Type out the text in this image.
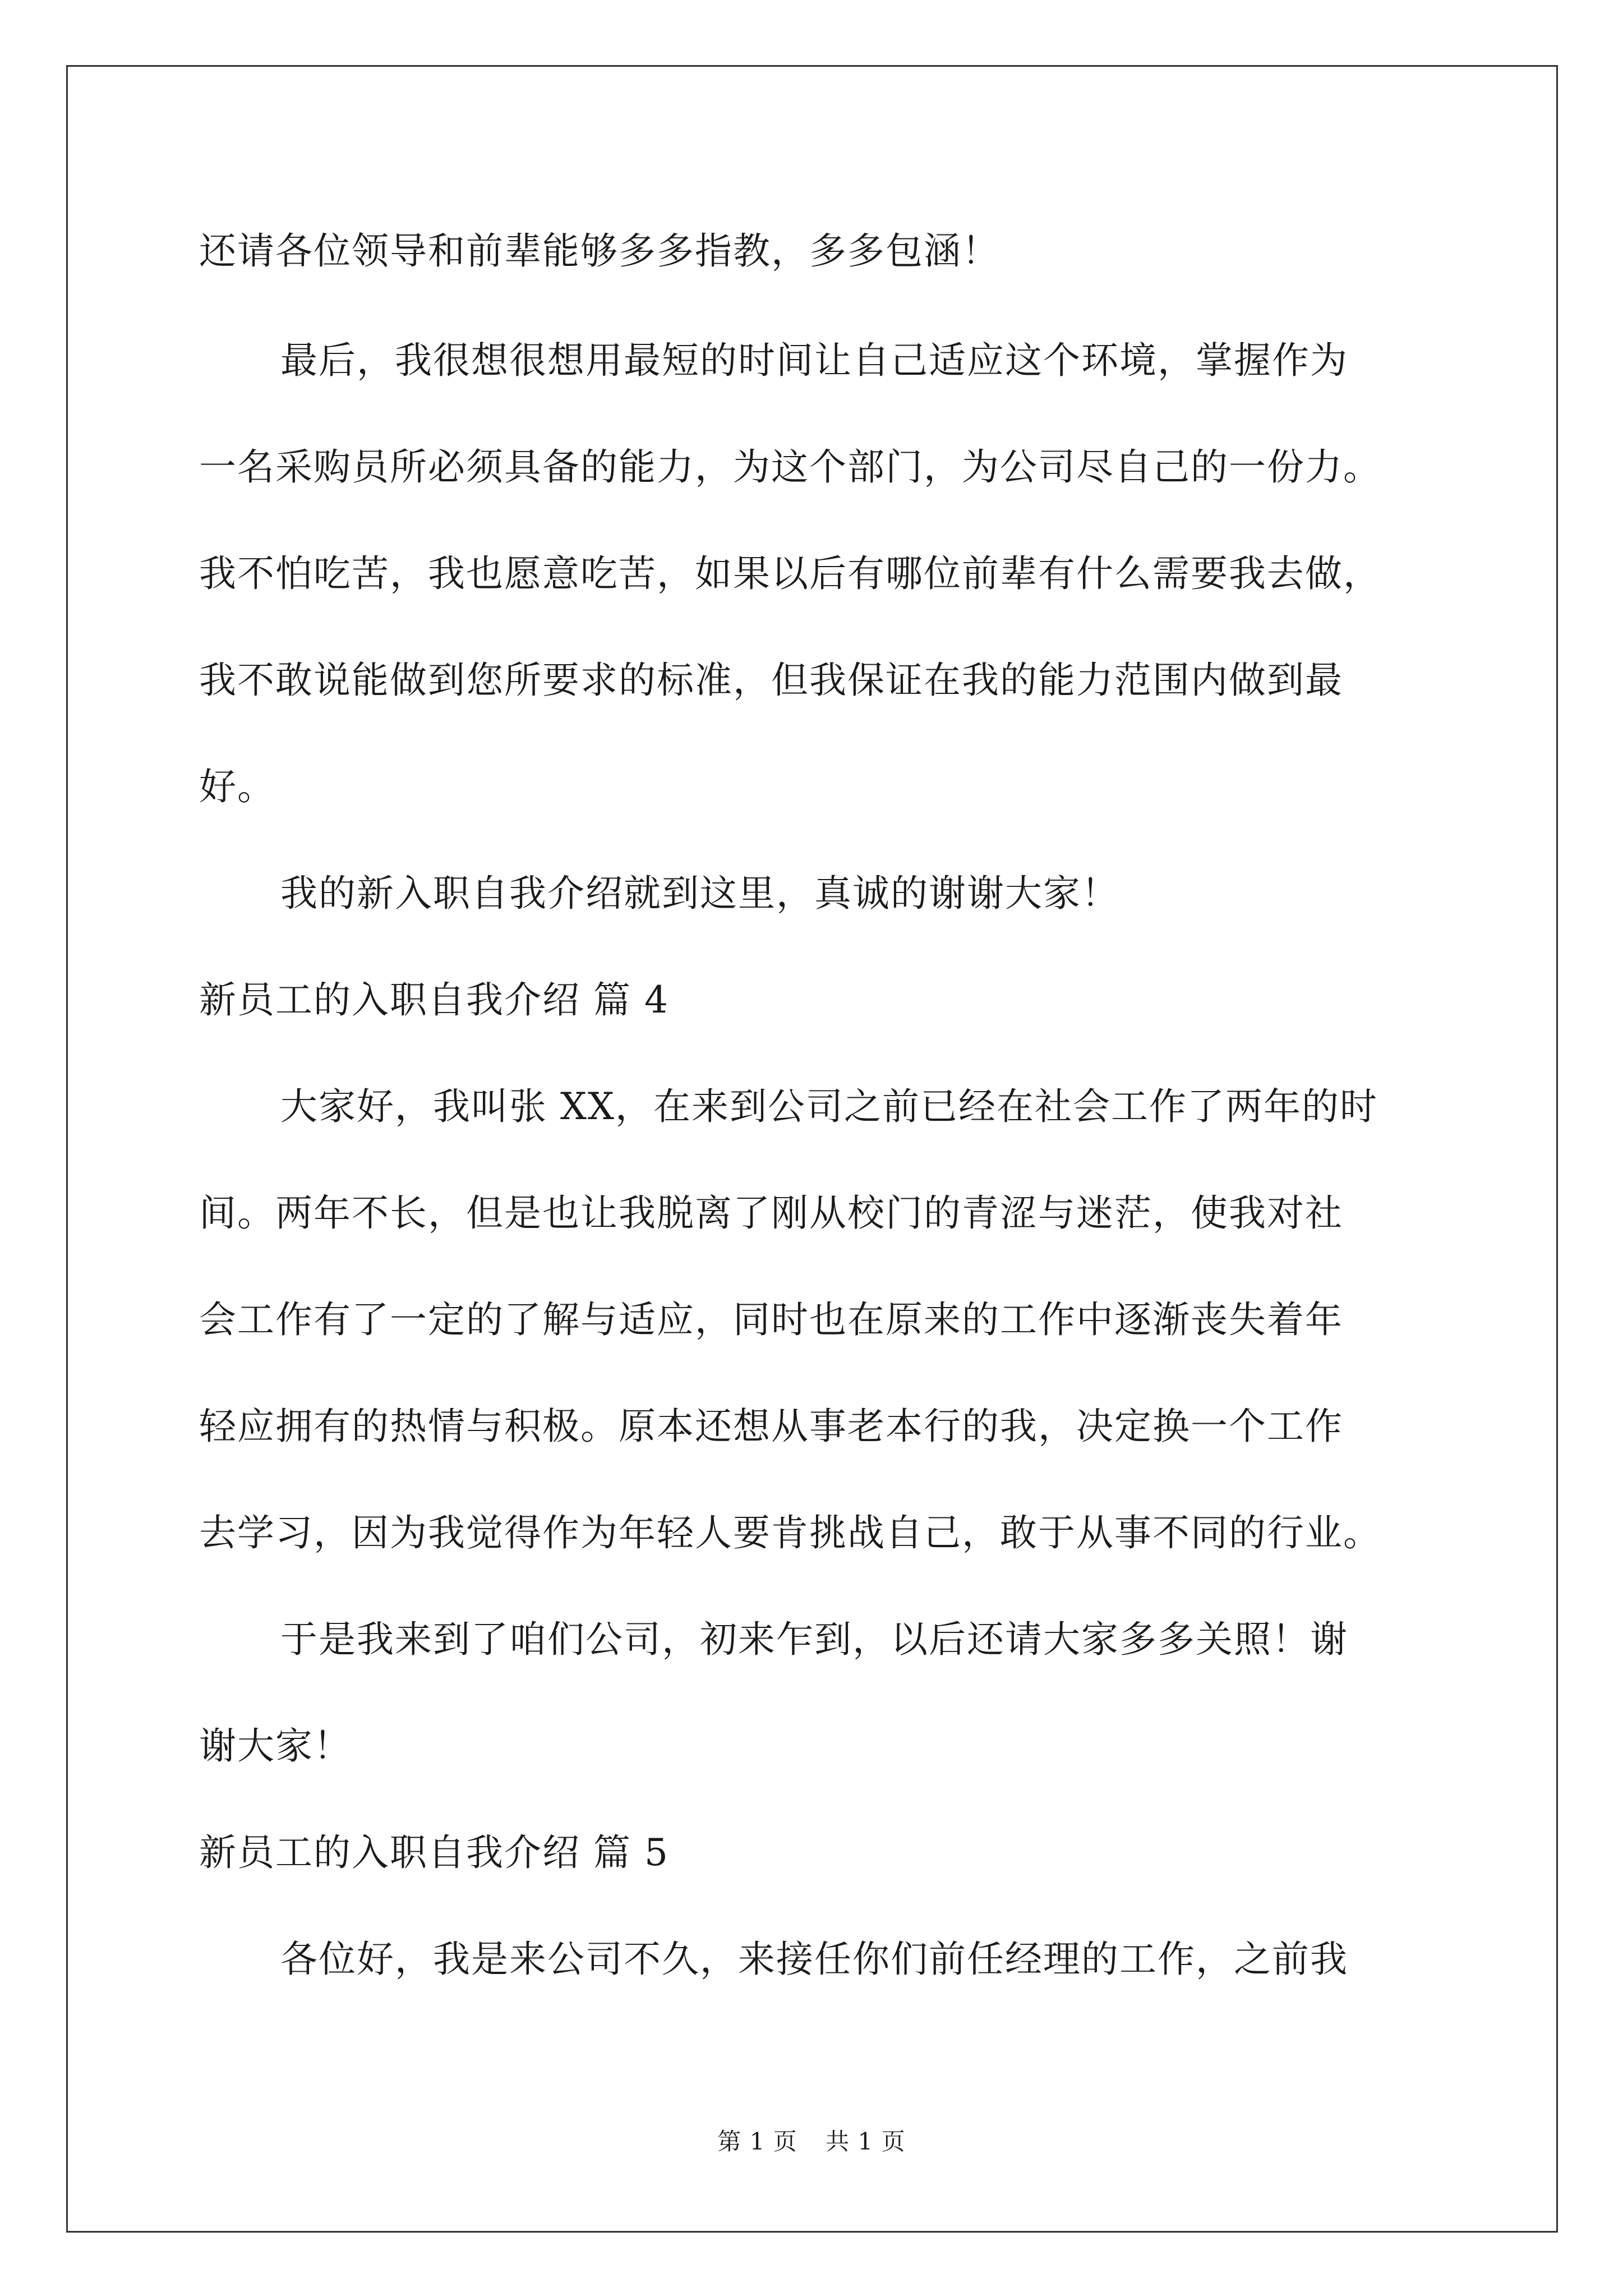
还请各位领导和前辈能够多多指教，多多包涵！
最后，我很想很想用最短的时间让自己适应这个环境，掌握作为
一名采购员所必须具备的能力，为这个部门，为公司尽自己的一份力。
我不怕吃苦，我也愿意吃苦，如果以后有哪位前辈有什么需要我去做，
我不敢说能做到您所要求的标准，但我保证在我的能力范围内做到最
好。
我的新入职自我介绍就到这里，真诚的谢谢大家！
新员工的入职自我介绍 篇 4
大家好，我叫张 XX，在来到公司之前已经在社会工作了两年的时
间。两年不长，但是也让我脱离了刚从校门的青涩与迷茫，使我对社
会工作有了一定的了解与适应，同时也在原来的工作中逐渐丧失着年
轻应拥有的热情与积极。原本还想从事老本行的我，决定换一个工作
去学习，因为我觉得作为年轻人要肯挑战自己，敢于从事不同的行业。
于是我来到了咱们公司，初来乍到，以后还请大家多多关照！谢
谢大家！
新员工的入职自我介绍 篇 5
各位好，我是来公司不久，来接任你们前任经理的工作，之前我
第 1 页 共 1 页
